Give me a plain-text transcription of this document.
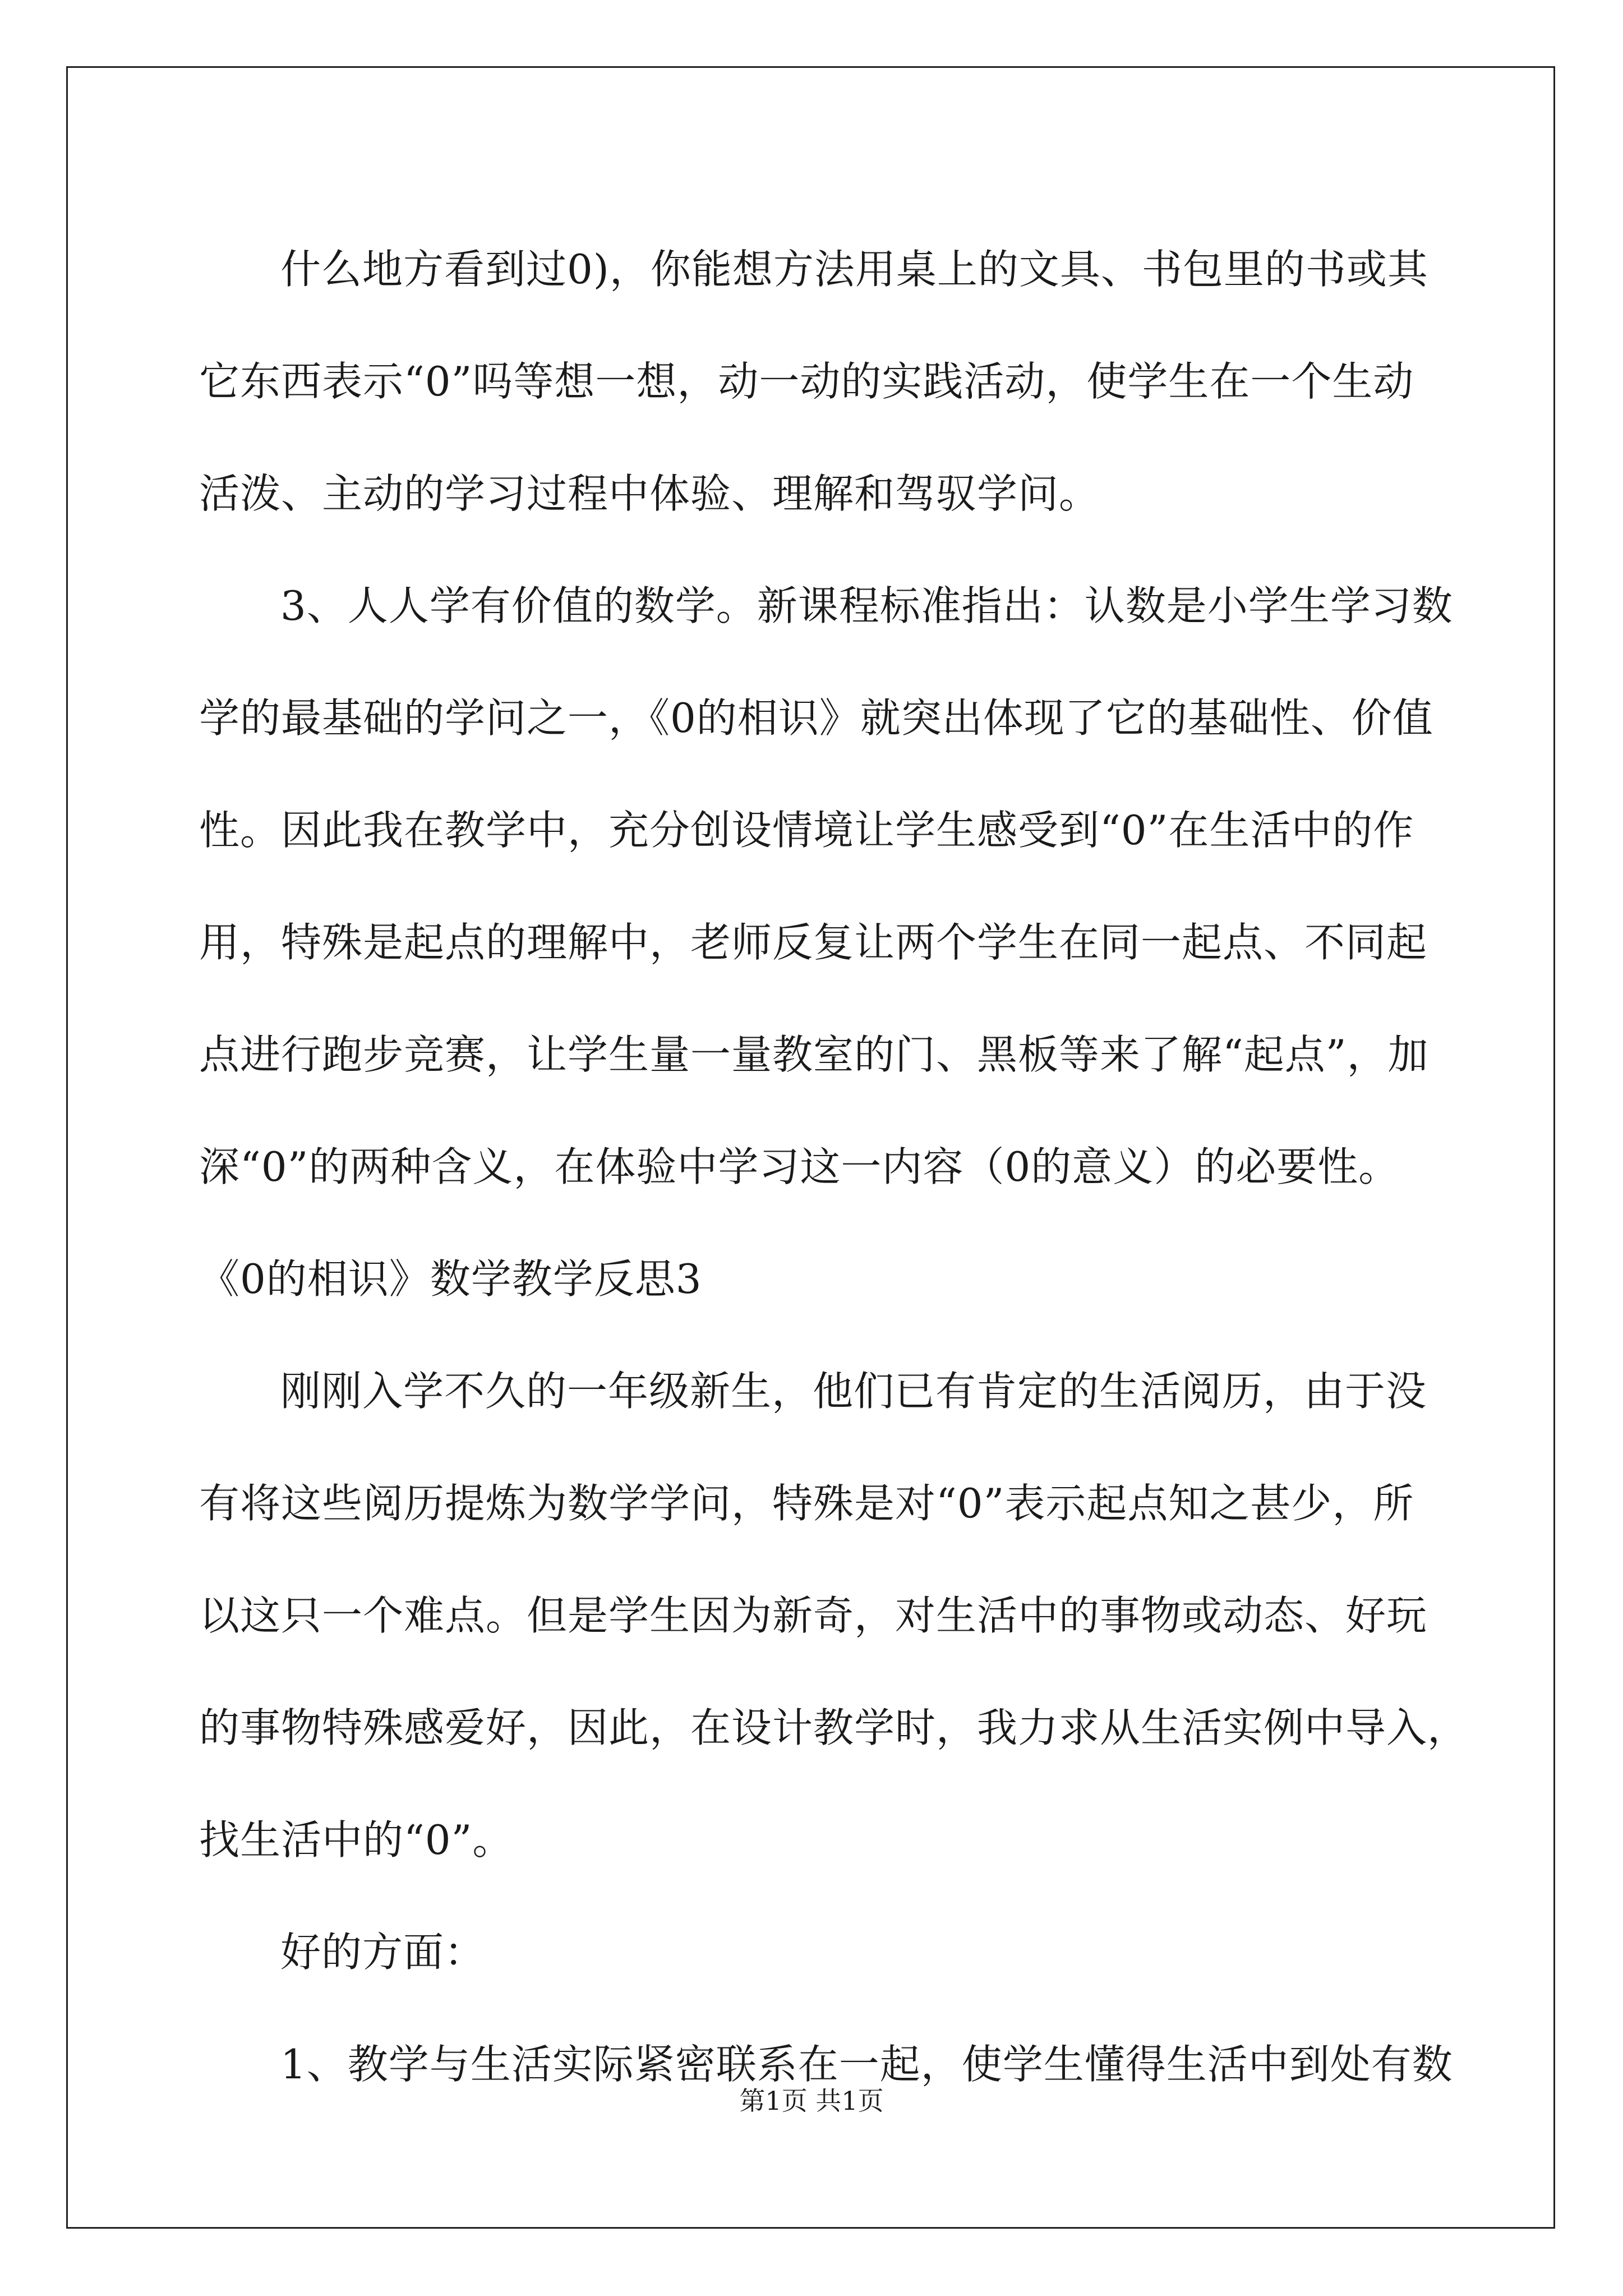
什么地方看到过0)，你能想方法用桌上的文具、书包里的书或其
它东西表示“0”吗等想一想，动一动的实践活动，使学生在一个生动
活泼、主动的学习过程中体验、理解和驾驭学问。
3、人人学有价值的数学。新课程标准指出：认数是小学生学习数
学的最基础的学问之一，《0的相识》就突出体现了它的基础性、价值
性。因此我在教学中，充分创设情境让学生感受到“0”在生活中的作
用，特殊是起点的理解中，老师反复让两个学生在同一起点、不同起
点进行跑步竞赛，让学生量一量教室的门、黑板等来了解“起点”，加
深“0”的两种含义，在体验中学习这一内容（0的意义）的必要性。
《0的相识》数学教学反思3
刚刚入学不久的一年级新生，他们已有肯定的生活阅历，由于没
有将这些阅历提炼为数学学问，特殊是对“0”表示起点知之甚少，所
以这只一个难点。但是学生因为新奇，对生活中的事物或动态、好玩
的事物特殊感爱好，因此，在设计教学时，我力求从生活实例中导入，
找生活中的“0”。
好的方面：
1、教学与生活实际紧密联系在一起，使学生懂得生活中到处有数
第1页 共1页
